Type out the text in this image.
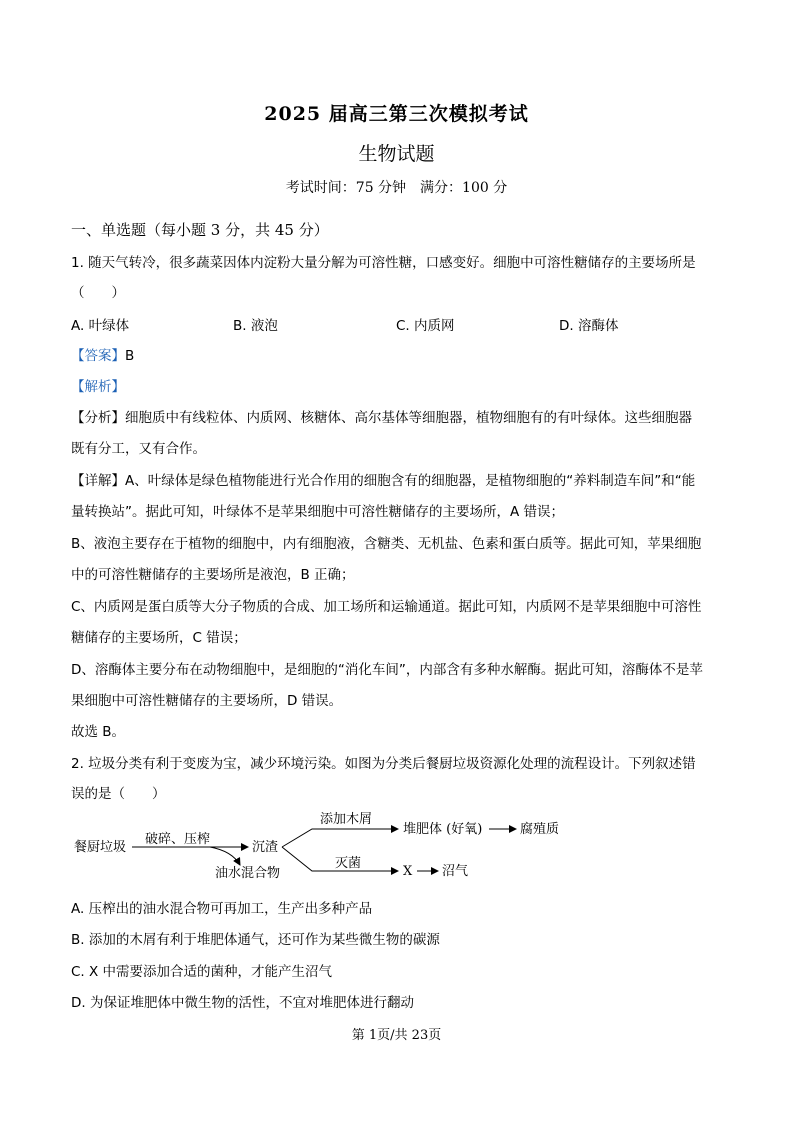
2025 届高三第三次模拟考试
生物试题
考试时间：75 分钟　满分：100 分
一、单选题（每小题 3 分，共 45 分）
1. 随天气转冷，很多蔬菜因体内淀粉大量分解为可溶性糖，口感变好。细胞中可溶性糖储存的主要场所是
（　　）
A. 叶绿体	B. 液泡	C. 内质网	D. 溶酶体
【答案】B
【解析】
【分析】细胞质中有线粒体、内质网、核糖体、高尔基体等细胞器，植物细胞有的有叶绿体。这些细胞器
既有分工，又有合作。
【详解】A、叶绿体是绿色植物能进行光合作用的细胞含有的细胞器，是植物细胞的“养料制造车间”和“能
量转换站”。据此可知，叶绿体不是苹果细胞中可溶性糖储存的主要场所，A 错误；
B、液泡主要存在于植物的细胞中，内有细胞液，含糖类、无机盐、色素和蛋白质等。据此可知，苹果细胞
中的可溶性糖储存的主要场所是液泡，B 正确；
C、内质网是蛋白质等大分子物质的合成、加工场所和运输通道。据此可知，内质网不是苹果细胞中可溶性
糖储存的主要场所，C 错误；
D、溶酶体主要分布在动物细胞中，是细胞的“消化车间”，内部含有多种水解酶。据此可知，溶酶体不是苹
果细胞中可溶性糖储存的主要场所，D 错误。
故选 B。
2. 垃圾分类有利于变废为宝，减少环境污染。如图为分类后餐厨垃圾资源化处理的流程设计。下列叙述错
误的是（　　）
餐厨垃圾
破碎、压榨
沉渣
油水混合物
添加木屑
堆肥体 (好氧)	腐殖质
灭菌
X 沼气
A. 压榨出的油水混合物可再加工，生产出多种产品
B. 添加的木屑有利于堆肥体通气，还可作为某些微生物的碳源
C. X 中需要添加合适的菌种，才能产生沼气
D. 为保证堆肥体中微生物的活性，不宜对堆肥体进行翻动
第 1页/共 23页
